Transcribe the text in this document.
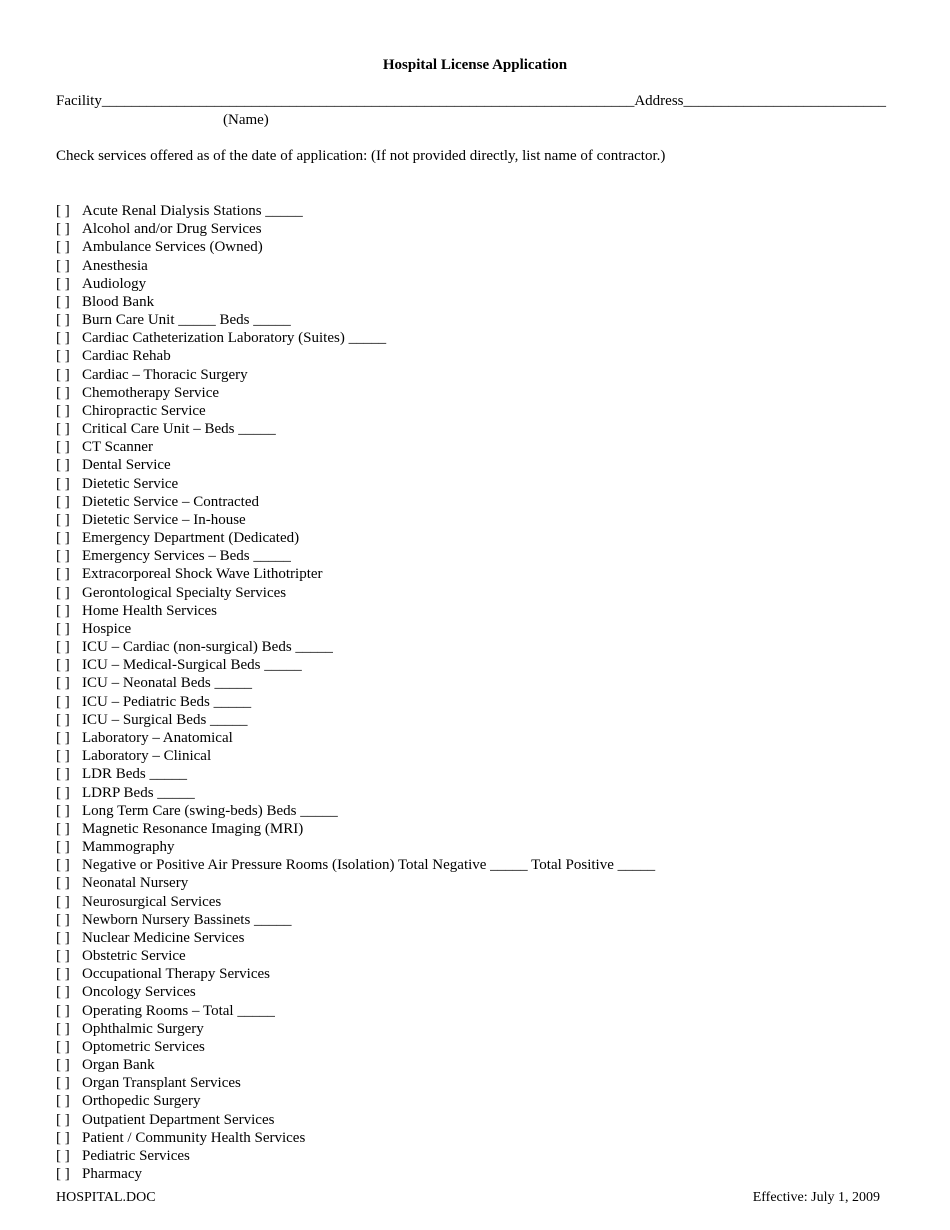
Hospital License Application
Facility_______________________________________________________________________Address___________________________
(Name)
Check services offered as of the date of application: (If not provided directly, list name of contractor.)
[ ] Acute Renal Dialysis Stations _____
[ ] Alcohol and/or Drug Services
[ ] Ambulance Services (Owned)
[ ] Anesthesia
[ ] Audiology
[ ] Blood Bank
[ ] Burn Care Unit _____ Beds _____
[ ] Cardiac Catheterization Laboratory (Suites) _____
[ ] Cardiac Rehab
[ ] Cardiac – Thoracic Surgery
[ ] Chemotherapy Service
[ ] Chiropractic Service
[ ] Critical Care Unit – Beds _____
[ ] CT Scanner
[ ] Dental Service
[ ] Dietetic Service
[ ] Dietetic Service – Contracted
[ ] Dietetic Service – In-house
[ ] Emergency Department (Dedicated)
[ ] Emergency Services – Beds _____
[ ] Extracorporeal Shock Wave Lithotripter
[ ] Gerontological Specialty Services
[ ] Home Health Services
[ ] Hospice
[ ] ICU – Cardiac (non-surgical) Beds _____
[ ] ICU – Medical-Surgical Beds _____
[ ] ICU – Neonatal Beds _____
[ ] ICU – Pediatric Beds _____
[ ] ICU – Surgical Beds _____
[ ] Laboratory – Anatomical
[ ] Laboratory – Clinical
[ ] LDR Beds _____
[ ] LDRP Beds _____
[ ] Long Term Care (swing-beds) Beds _____
[ ] Magnetic Resonance Imaging (MRI)
[ ] Mammography
[ ] Negative or Positive Air Pressure Rooms (Isolation) Total Negative _____ Total Positive _____
[ ] Neonatal Nursery
[ ] Neurosurgical Services
[ ] Newborn Nursery Bassinets _____
[ ] Nuclear Medicine Services
[ ] Obstetric Service
[ ] Occupational Therapy Services
[ ] Oncology Services
[ ] Operating Rooms – Total _____
[ ] Ophthalmic Surgery
[ ] Optometric Services
[ ] Organ Bank
[ ] Organ Transplant Services
[ ] Orthopedic Surgery
[ ] Outpatient Department Services
[ ] Patient / Community Health Services
[ ] Pediatric Services
[ ] Pharmacy
HOSPITAL.DOC	Effective: July 1, 2009
